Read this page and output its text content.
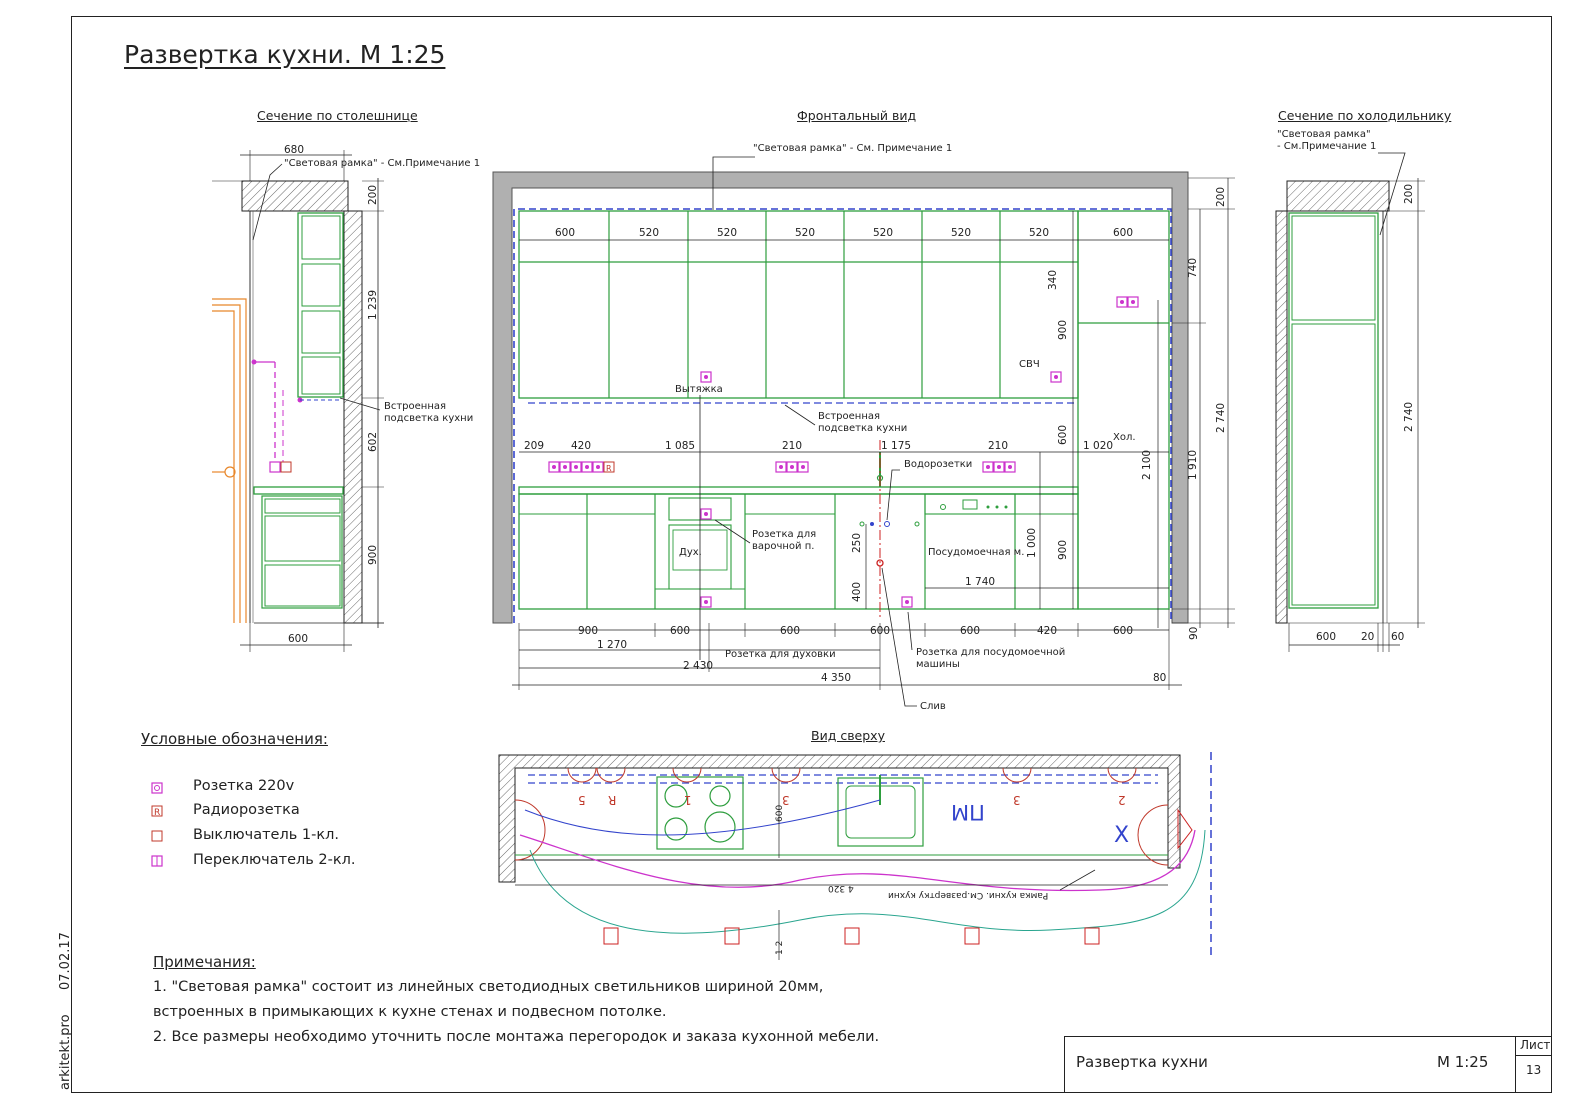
Развертка кухни. М 1:25
Сечение по столешнице	Фронтальный вид	Сечение по холодильнику
Вид сверху
R
R
"Световая рамка" - См.Примечание 1
680
600
200
1 239
602
900
Встроенная
подсветка кухни
"Световая рамка" - См. Примечание 1
600	520	520	520	520	520	520	600
209	420	1 085	210	1 175	210	1 020
340
900
600
900
1 000
250
400
200
740
1 910
2 100
2 740
90
1 740
Вытяжка
СВЧ
Хол.
Встроенная
подсветка кухни
Водорозетки
Розетка для
варочной п.
Дух.	Посудомоечная м.
900	600	600	600	600	420	600
1 270
2 430
4 350	80
Розетка для духовки	Розетка для посудомоечной
машины
Слив
"Световая рамка"
- См.Примечание 1
200
2 740
600 20 60
R
5	1	3	3	2
ПМ
X
600
4 320
1 2
Рамка кухни. См.развертку кухни
Условные обозначения:
Розетка 220v
Радиорозетка
Выключатель 1-кл.
Переключатель 2-кл.
Примечания:
1. "Световая рамка" состоит из линейных светодиодных светильников шириной 20мм,
встроенных в примыкающих к кухне стенах и подвесном потолке.
2. Все размеры необходимо уточнить после монтажа перегородок и заказа кухонной мебели.
arkitekt.pro
07.02.17
Развертка кухни	М 1:25
Лист
13
